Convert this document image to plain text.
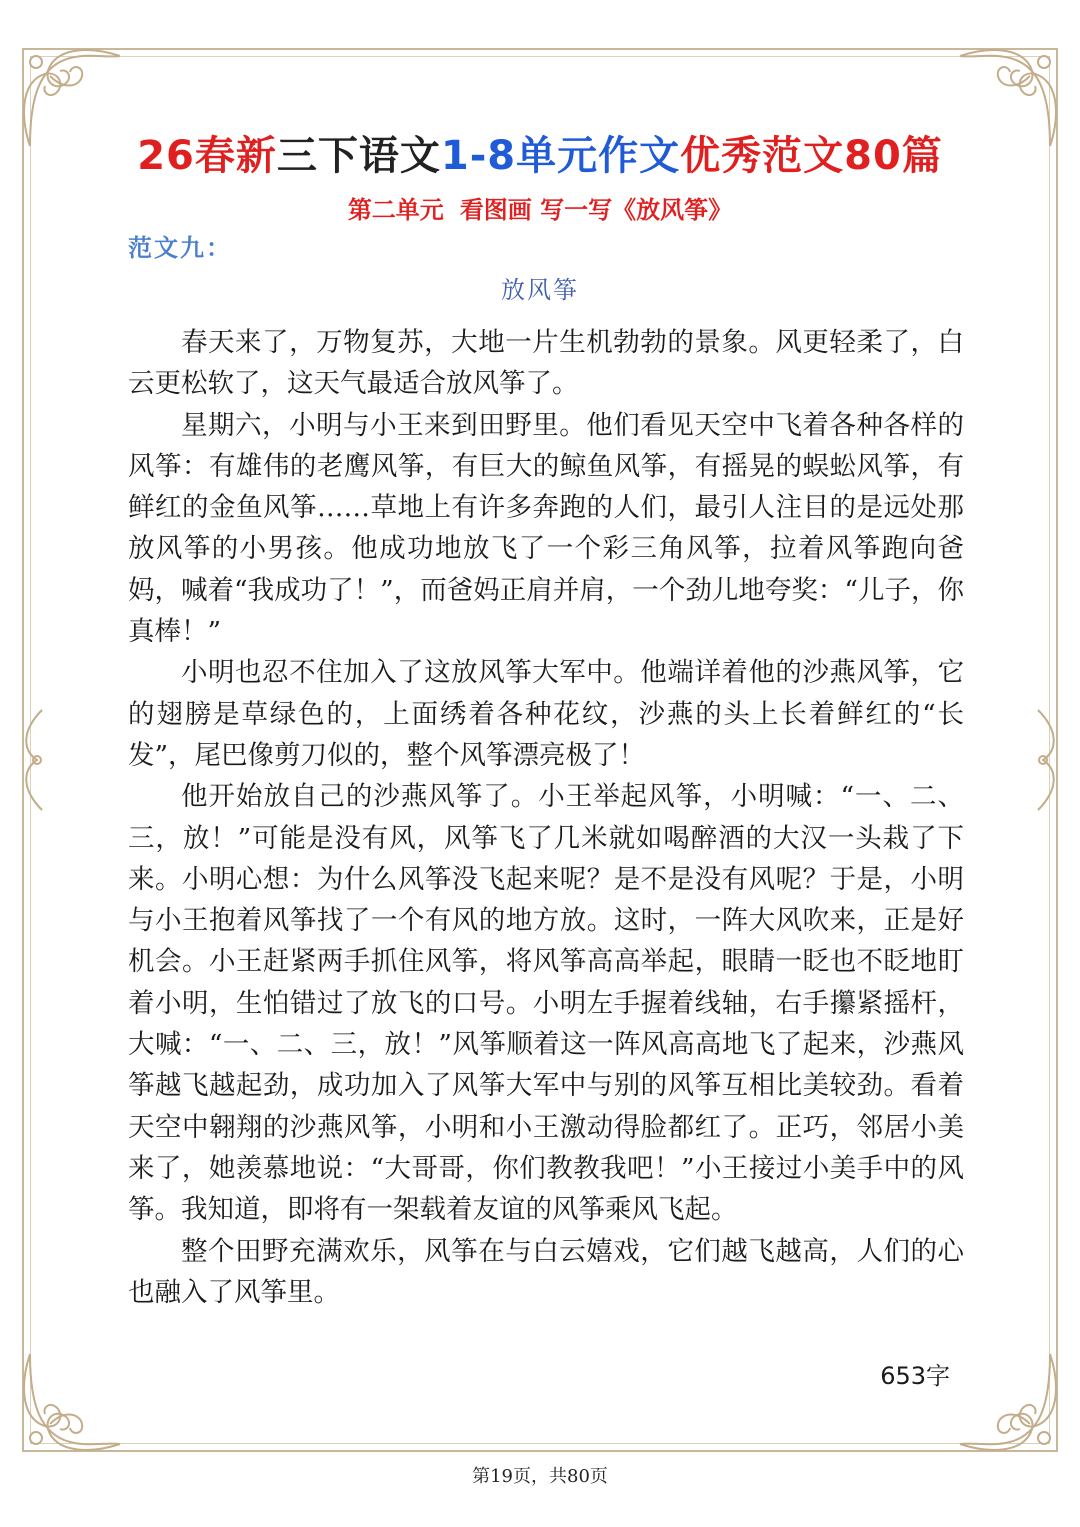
26春新三下语文1-8单元作文优秀范文80篇
第二单元 看图画 写一写《放风筝》
范文九：
放风筝

春天来了，万物复苏，大地一片生机勃勃的景象。风更轻柔了，白云更松软了，这天气最适合放风筝了。

星期六，小明与小王来到田野里。他们看见天空中飞着各种各样的风筝：有雄伟的老鹰风筝，有巨大的鲸鱼风筝，有摇晃的蜈蚣风筝，有鲜红的金鱼风筝……草地上有许多奔跑的人们，最引人注目的是远处那放风筝的小男孩。他成功地放飞了一个彩三角风筝，拉着风筝跑向爸妈，喊着“我成功了！”，而爸妈正肩并肩，一个劲儿地夸奖：“儿子，你真棒！”

小明也忍不住加入了这放风筝大军中。他端详着他的沙燕风筝，它的翅膀是草绿色的，上面绣着各种花纹，沙燕的头上长着鲜红的“长发”，尾巴像剪刀似的，整个风筝漂亮极了！

他开始放自己的沙燕风筝了。小王举起风筝，小明喊：“一、二、三，放！”可能是没有风，风筝飞了几米就如喝醉酒的大汉一头栽了下来。小明心想：为什么风筝没飞起来呢？是不是没有风呢？于是，小明与小王抱着风筝找了一个有风的地方放。这时，一阵大风吹来，正是好机会。小王赶紧两手抓住风筝，将风筝高高举起，眼睛一眨也不眨地盯着小明，生怕错过了放飞的口号。小明左手握着线轴，右手攥紧摇杆，大喊：“一、二、三，放！”风筝顺着这一阵风高高地飞了起来，沙燕风筝越飞越起劲，成功加入了风筝大军中与别的风筝互相比美较劲。看着天空中翱翔的沙燕风筝，小明和小王激动得脸都红了。正巧，邻居小美来了，她羡慕地说：“大哥哥，你们教教我吧！”小王接过小美手中的风筝。我知道，即将有一架载着友谊的风筝乘风飞起。

整个田野充满欢乐，风筝在与白云嬉戏，它们越飞越高，人们的心也融入了风筝里。

653字
第19页，共80页
